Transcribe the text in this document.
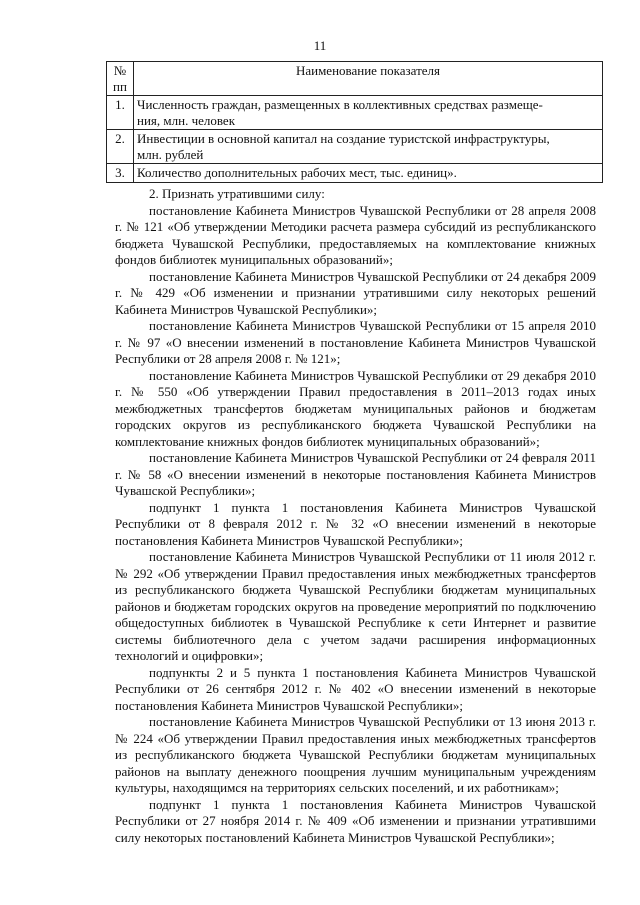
11
№
пп	Наименование показателя
1.	Численность граждан, размещенных в коллективных средствах размеще-
ния, млн. человек
2.	Инвестиции в основной капитал на создание туристской инфраструктуры,
млн. рублей
3.	Количество дополнительных рабочих мест, тыс. единиц».

2. Признать утратившими силу:

постановление Кабинета Министров Чувашской Республики от 28 апреля 2008 г. № 121 «Об утверждении Методики расчета размера субсидий из республиканского бюджета Чувашской Республики, предоставляемых на комплектование книжных фондов библиотек муниципальных образований»;

постановление Кабинета Министров Чувашской Республики от 24 декабря 2009 г. № 429 «Об изменении и признании утратившими силу некоторых решений Кабинета Министров Чувашской Республики»;

постановление Кабинета Министров Чувашской Республики от 15 апреля 2010 г. № 97 «О внесении изменений в постановление Кабинета Министров Чувашской Республики от 28 апреля 2008 г. № 121»;

постановление Кабинета Министров Чувашской Республики от 29 декабря 2010 г. № 550 «Об утверждении Правил предоставления в 2011–2013 годах иных межбюджетных трансфертов бюджетам муниципальных районов и бюджетам городских округов из республиканского бюджета Чувашской Республики на комплектование книжных фондов библиотек муниципальных образований»;

постановление Кабинета Министров Чувашской Республики от 24 февраля 2011 г. № 58 «О внесении изменений в некоторые постановления Кабинета Министров Чувашской Республики»;

подпункт 1 пункта 1 постановления Кабинета Министров Чувашской Республики от 8 февраля 2012 г. № 32 «О внесении изменений в некоторые постановления Кабинета Министров Чувашской Республики»;

постановление Кабинета Министров Чувашской Республики от 11 июля 2012 г. № 292 «Об утверждении Правил предоставления иных межбюджетных трансфертов из республиканского бюджета Чувашской Республики бюджетам муниципальных районов и бюджетам городских округов на проведение мероприятий по подключению общедоступных библиотек в Чувашской Республике к сети Интернет и развитие системы библиотечного дела с учетом задачи расширения информационных технологий и оцифровки»;

подпункты 2 и 5 пункта 1 постановления Кабинета Министров Чувашской Республики от 26 сентября 2012 г. № 402 «О внесении изменений в некоторые постановления Кабинета Министров Чувашской Республики»;

постановление Кабинета Министров Чувашской Республики от 13 июня 2013 г. № 224 «Об утверждении Правил предоставления иных межбюджетных трансфертов из республиканского бюджета Чувашской Республики бюджетам муниципальных районов на выплату денежного поощрения лучшим муниципальным учреждениям культуры, находящимся на территориях сельских поселений, и их работникам»;

подпункт 1 пункта 1 постановления Кабинета Министров Чувашской Республики от 27 ноября 2014 г. № 409 «Об изменении и признании утратившими силу некоторых постановлений Кабинета Министров Чувашской Республики»;
